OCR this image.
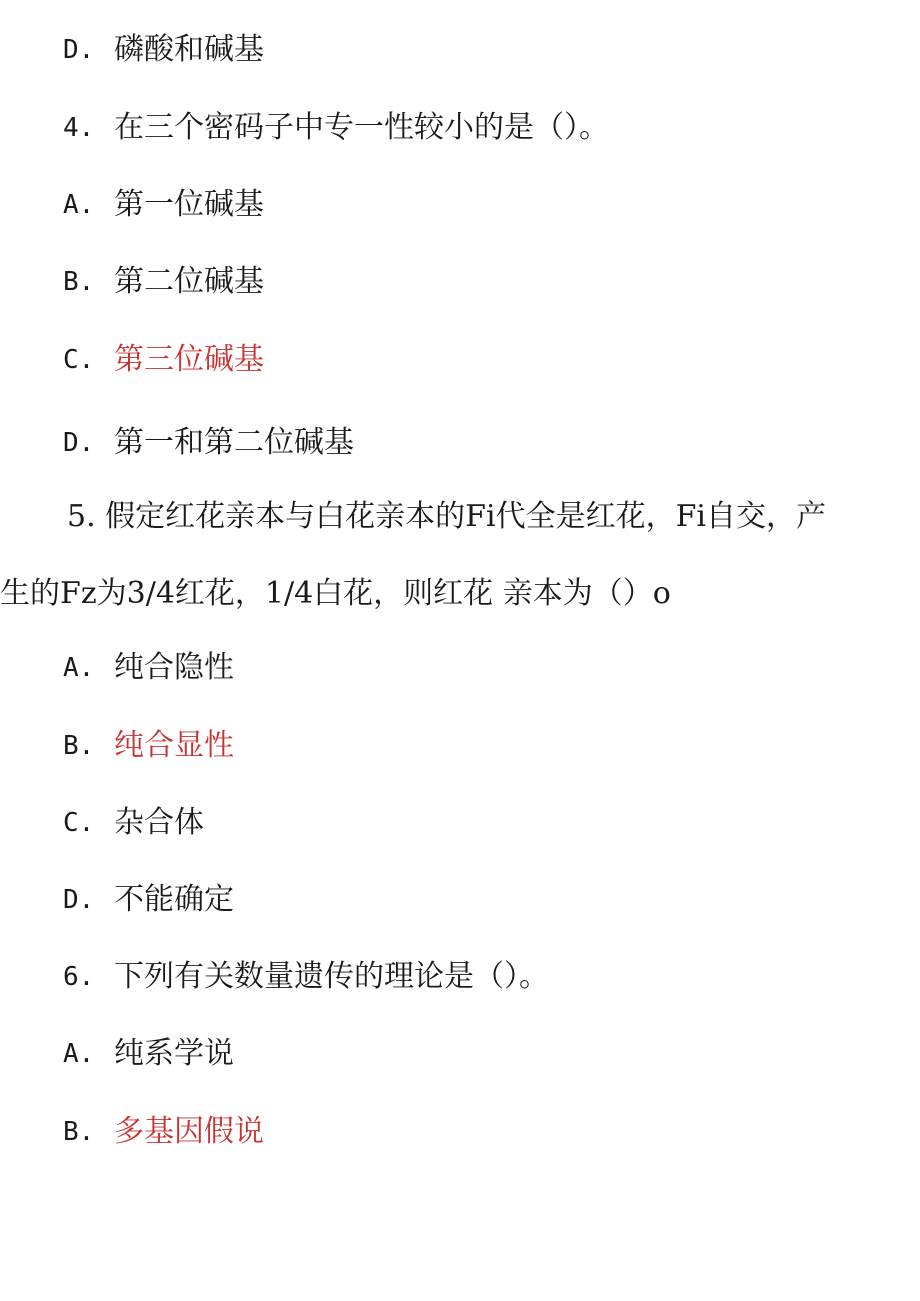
D. 磷酸和碱基
4. 在三个密码子中专一性较小的是（）。
A. 第一位碱基
B. 第二位碱基
C. 第三位碱基
D. 第一和第二位碱基
5. 假定红花亲本与白花亲本的Fi代全是红花，Fi自交，产
生的Fz为3/4红花，1/4白花，则红花 亲本为（）o
A. 纯合隐性
B. 纯合显性
C. 杂合体
D. 不能确定
6. 下列有关数量遗传的理论是（）。
A. 纯系学说
B. 多基因假说
